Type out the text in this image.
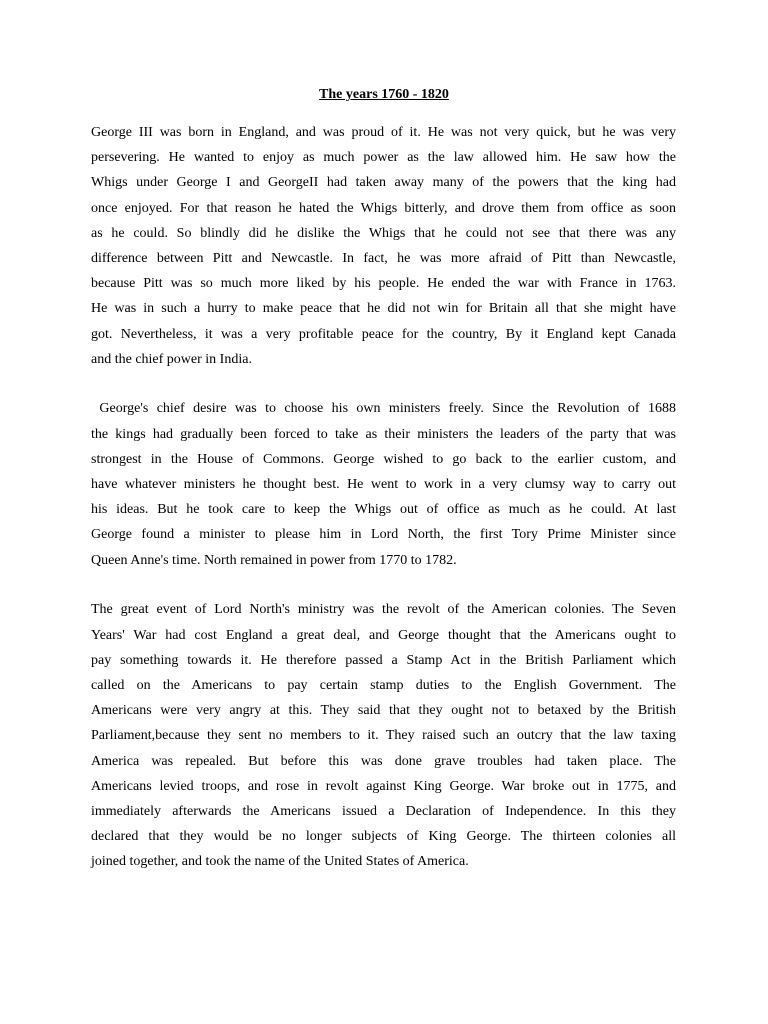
The years 1760 - 1820
George III was born in England, and was proud of it. He was not very quick, but he was very
persevering. He wanted to enjoy as much power as the law allowed him. He saw how the
Whigs under George I and GeorgeII had taken away many of the powers that the king had
once enjoyed. For that reason he hated the Whigs bitterly, and drove them from office as soon
as he could. So blindly did he dislike the Whigs that he could not see that there was any
difference between Pitt and Newcastle. In fact, he was more afraid of Pitt than Newcastle,
because Pitt was so much more liked by his people. He ended the war with France in 1763.
He was in such a hurry to make peace that he did not win for Britain all that she might have
got. Nevertheless, it was a very profitable peace for the country, By it England kept Canada
and the chief power in India.
George's chief desire was to choose his own ministers freely. Since the Revolution of 1688
the kings had gradually been forced to take as their ministers the leaders of the party that was
strongest in the House of Commons. George wished to go back to the earlier custom, and
have whatever ministers he thought best. He went to work in a very clumsy way to carry out
his ideas. But he took care to keep the Whigs out of office as much as he could. At last
George found a minister to please him in Lord North, the first Tory Prime Minister since
Queen Anne's time. North remained in power from 1770 to 1782.
The great event of Lord North's ministry was the revolt of the American colonies. The Seven
Years' War had cost England a great deal, and George thought that the Americans ought to
pay something towards it. He therefore passed a Stamp Act in the British Parliament which
called on the Americans to pay certain stamp duties to the English Government. The
Americans were very angry at this. They said that they ought not to betaxed by the British
Parliament,because they sent no members to it. They raised such an outcry that the law taxing
America was repealed. But before this was done grave troubles had taken place. The
Americans levied troops, and rose in revolt against King George. War broke out in 1775, and
immediately afterwards the Americans issued a Declaration of Independence. In this they
declared that they would be no longer subjects of King George. The thirteen colonies all
joined together, and took the name of the United States of America.
